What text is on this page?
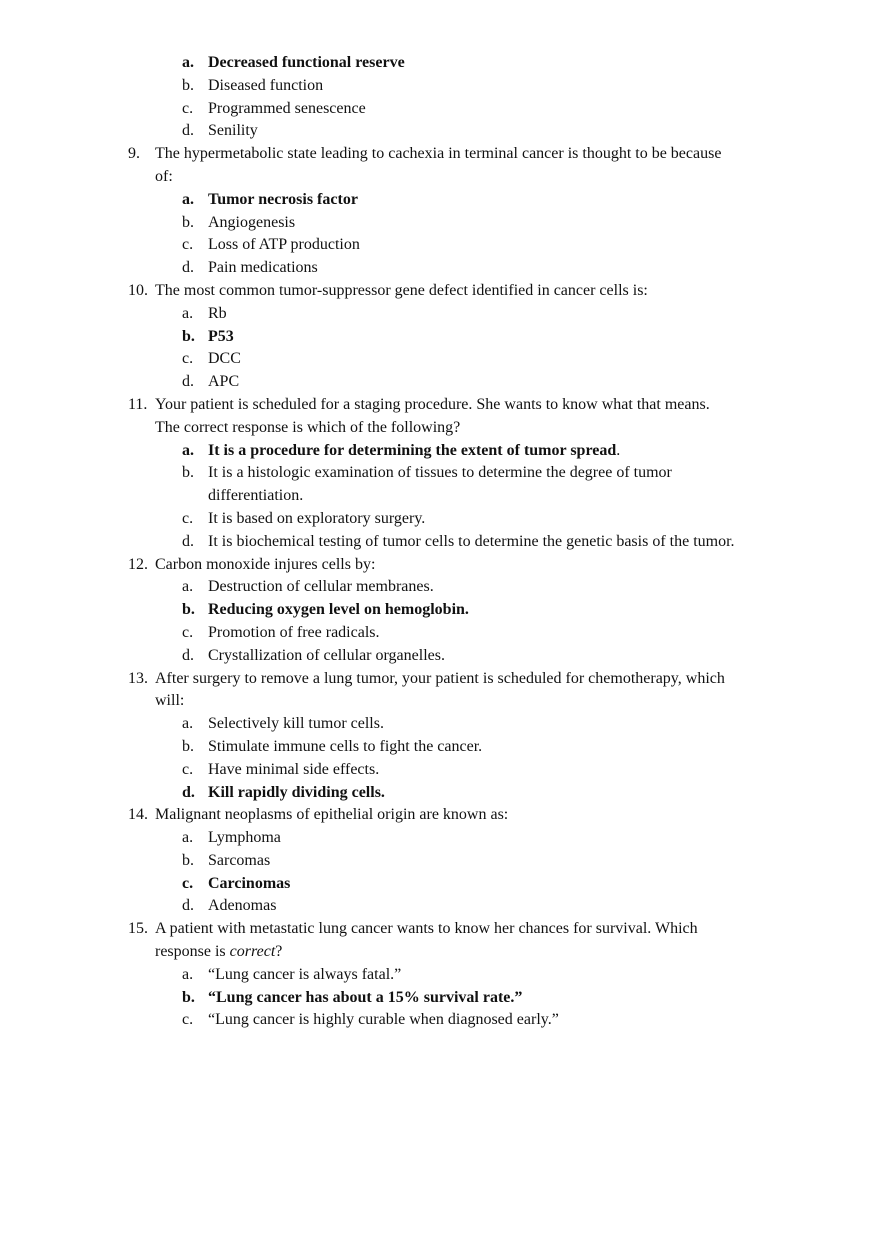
a. Decreased functional reserve
b. Diseased function
c. Programmed senescence
d. Senility
9. The hypermetabolic state leading to cachexia in terminal cancer is thought to be because
of:
a. Tumor necrosis factor
b. Angiogenesis
c. Loss of ATP production
d. Pain medications
10. The most common tumor-suppressor gene defect identified in cancer cells is:
a. Rb
b. P53
c. DCC
d. APC
11. Your patient is scheduled for a staging procedure. She wants to know what that means.
The correct response is which of the following?
a. It is a procedure for determining the extent of tumor spread.
b. It is a histologic examination of tissues to determine the degree of tumor
differentiation.
c. It is based on exploratory surgery.
d. It is biochemical testing of tumor cells to determine the genetic basis of the tumor.
12. Carbon monoxide injures cells by:
a. Destruction of cellular membranes.
b. Reducing oxygen level on hemoglobin.
c. Promotion of free radicals.
d. Crystallization of cellular organelles.
13. After surgery to remove a lung tumor, your patient is scheduled for chemotherapy, which
will:
a. Selectively kill tumor cells.
b. Stimulate immune cells to fight the cancer.
c. Have minimal side effects.
d. Kill rapidly dividing cells.
14. Malignant neoplasms of epithelial origin are known as:
a. Lymphoma
b. Sarcomas
c. Carcinomas
d. Adenomas
15. A patient with metastatic lung cancer wants to know her chances for survival. Which
response is correct?
a. “Lung cancer is always fatal.”
b. “Lung cancer has about a 15% survival rate.”
c. “Lung cancer is highly curable when diagnosed early.”
